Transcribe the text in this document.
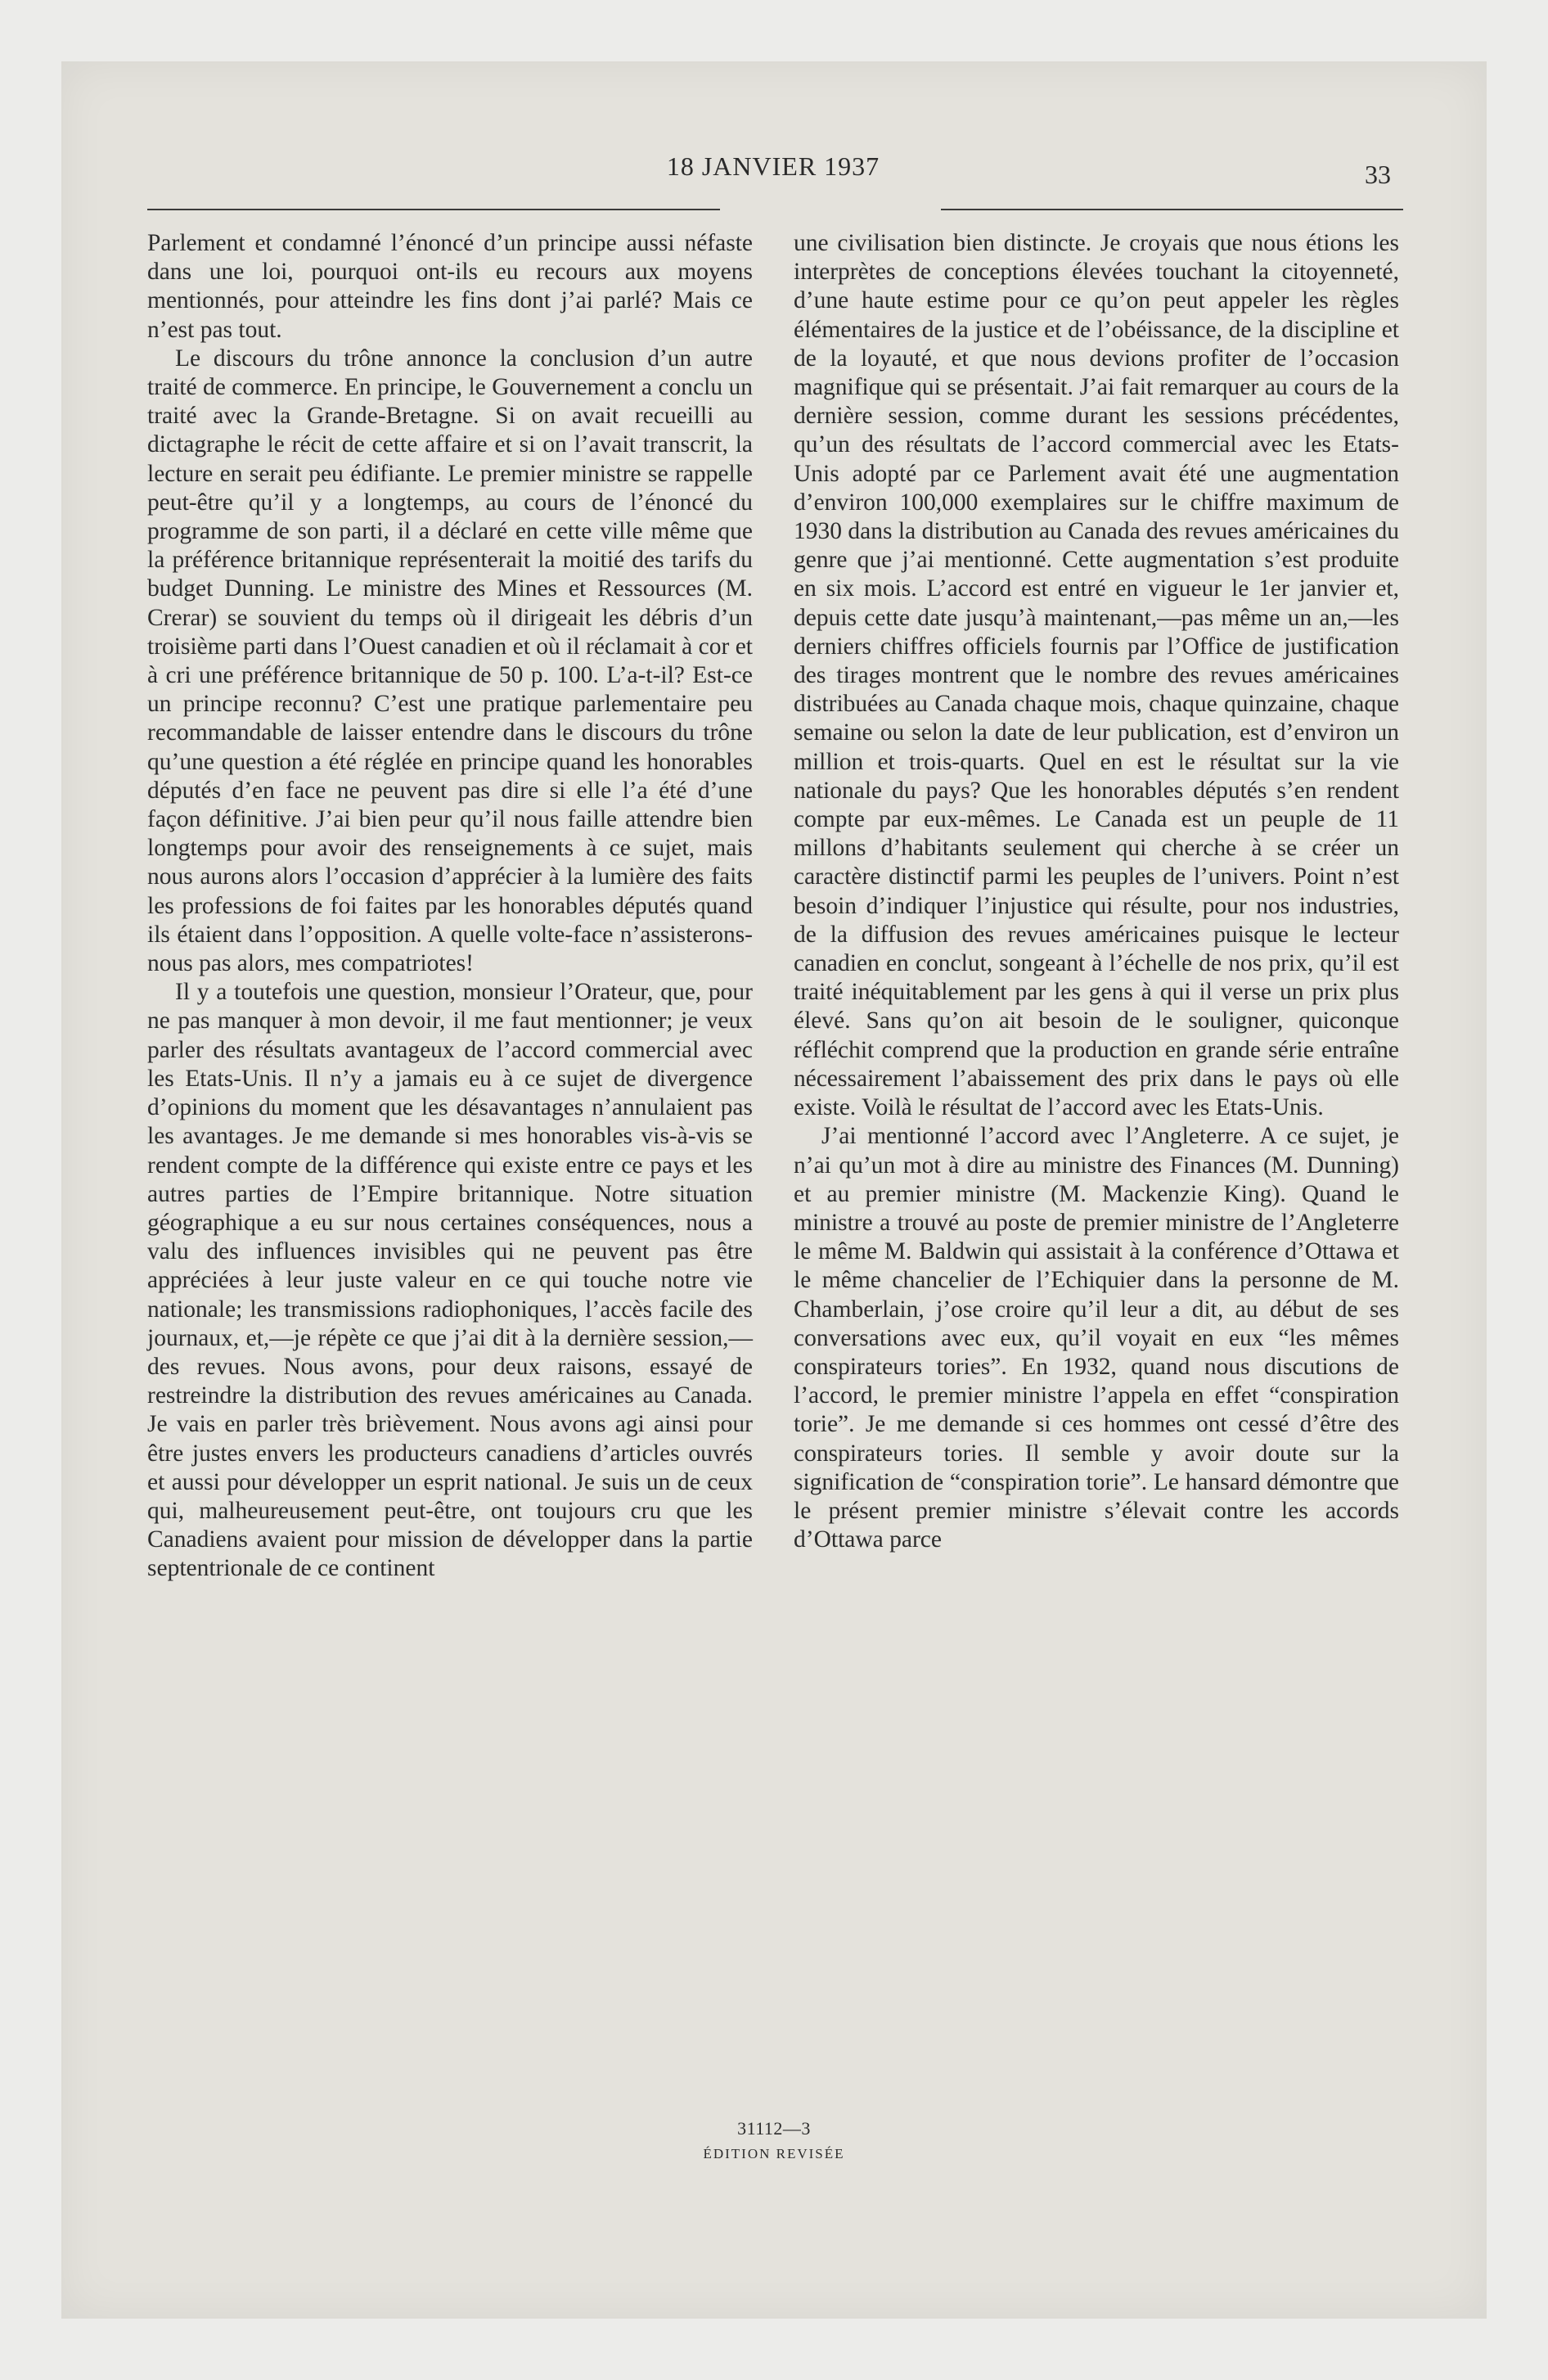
18 JANVIER 1937	33

Parlement et condamné l’énoncé d’un principe aussi néfaste dans une loi, pourquoi ont-ils eu recours aux moyens mentionnés, pour atteindre les fins dont j’ai parlé? Mais ce n’est pas tout.

Le discours du trône annonce la conclusion d’un autre traité de commerce. En principe, le Gouvernement a conclu un traité avec la Grande-Bretagne. Si on avait recueilli au dictagraphe le récit de cette affaire et si on l’avait transcrit, la lecture en serait peu édifiante. Le premier ministre se rappelle peut-être qu’il y a longtemps, au cours de l’énoncé du programme de son parti, il a déclaré en cette ville même que la préférence britannique représenterait la moitié des tarifs du budget Dunning. Le ministre des Mines et Ressources (M. Crerar) se souvient du temps où il dirigeait les débris d’un troisième parti dans l’Ouest canadien et où il réclamait à cor et à cri une préférence britannique de 50 p. 100. L’a-t-il? Est-ce un principe reconnu? C’est une pratique parlementaire peu recommandable de laisser entendre dans le discours du trône qu’une question a été réglée en principe quand les honorables députés d’en face ne peuvent pas dire si elle l’a été d’une façon définitive. J’ai bien peur qu’il nous faille attendre bien longtemps pour avoir des renseignements à ce sujet, mais nous aurons alors l’occasion d’apprécier à la lumière des faits les professions de foi faites par les honorables députés quand ils étaient dans l’opposition. A quelle volte-face n’assisterons-nous pas alors, mes compatriotes!

Il y a toutefois une question, monsieur l’Orateur, que, pour ne pas manquer à mon devoir, il me faut mentionner; je veux parler des résultats avantageux de l’accord commercial avec les Etats-Unis. Il n’y a jamais eu à ce sujet de divergence d’opinions du moment que les désavantages n’annulaient pas les avantages. Je me demande si mes honorables vis-à-vis se rendent compte de la différence qui existe entre ce pays et les autres parties de l’Empire britannique. Notre situation géographique a eu sur nous certaines conséquences, nous a valu des influences invisibles qui ne peuvent pas être appréciées à leur juste valeur en ce qui touche notre vie nationale; les transmissions radiophoniques, l’accès facile des journaux, et,—je répète ce que j’ai dit à la dernière session,—des revues. Nous avons, pour deux raisons, essayé de restreindre la distribution des revues américaines au Canada. Je vais en parler très brièvement. Nous avons agi ainsi pour être justes envers les producteurs canadiens d’articles ouvrés et aussi pour développer un esprit national. Je suis un de ceux qui, malheureusement peut-être, ont toujours cru que les Canadiens avaient pour mission de développer dans la partie septentrionale de ce continent

une civilisation bien distincte. Je croyais que nous étions les interprètes de conceptions élevées touchant la citoyenneté, d’une haute estime pour ce qu’on peut appeler les règles élémentaires de la justice et de l’obéissance, de la discipline et de la loyauté, et que nous devions profiter de l’occasion magnifique qui se présentait. J’ai fait remarquer au cours de la dernière session, comme durant les sessions précédentes, qu’un des résultats de l’accord commercial avec les Etats-Unis adopté par ce Parlement avait été une augmentation d’environ 100,000 exemplaires sur le chiffre maximum de 1930 dans la distribution au Canada des revues américaines du genre que j’ai mentionné. Cette augmentation s’est produite en six mois. L’accord est entré en vigueur le 1er janvier et, depuis cette date jusqu’à maintenant,—pas même un an,—les derniers chiffres officiels fournis par l’Office de justification des tirages montrent que le nombre des revues américaines distribuées au Canada chaque mois, chaque quinzaine, chaque semaine ou selon la date de leur publication, est d’environ un million et trois-quarts. Quel en est le résultat sur la vie nationale du pays? Que les honorables députés s’en rendent compte par eux-mêmes. Le Canada est un peuple de 11 millons d’habitants seulement qui cherche à se créer un caractère distinctif parmi les peuples de l’univers. Point n’est besoin d’indiquer l’injustice qui résulte, pour nos industries, de la diffusion des revues américaines puisque le lecteur canadien en conclut, songeant à l’échelle de nos prix, qu’il est traité inéquitablement par les gens à qui il verse un prix plus élevé. Sans qu’on ait besoin de le souligner, quiconque réfléchit comprend que la production en grande série entraîne nécessairement l’abaissement des prix dans le pays où elle existe. Voilà le résultat de l’accord avec les Etats-Unis.

J’ai mentionné l’accord avec l’Angleterre. A ce sujet, je n’ai qu’un mot à dire au ministre des Finances (M. Dunning) et au premier ministre (M. Mackenzie King). Quand le ministre a trouvé au poste de premier ministre de l’Angleterre le même M. Baldwin qui assistait à la conférence d’Ottawa et le même chancelier de l’Echiquier dans la personne de M. Chamberlain, j’ose croire qu’il leur a dit, au début de ses conversations avec eux, qu’il voyait en eux “les mêmes conspirateurs tories”. En 1932, quand nous discutions de l’accord, le premier ministre l’appela en effet “conspiration torie”. Je me demande si ces hommes ont cessé d’être des conspirateurs tories. Il semble y avoir doute sur la signification de “conspiration torie”. Le hansard démontre que le présent premier ministre s’élevait contre les accords d’Ottawa parce

31112—3
ÉDITION REVISÉE
